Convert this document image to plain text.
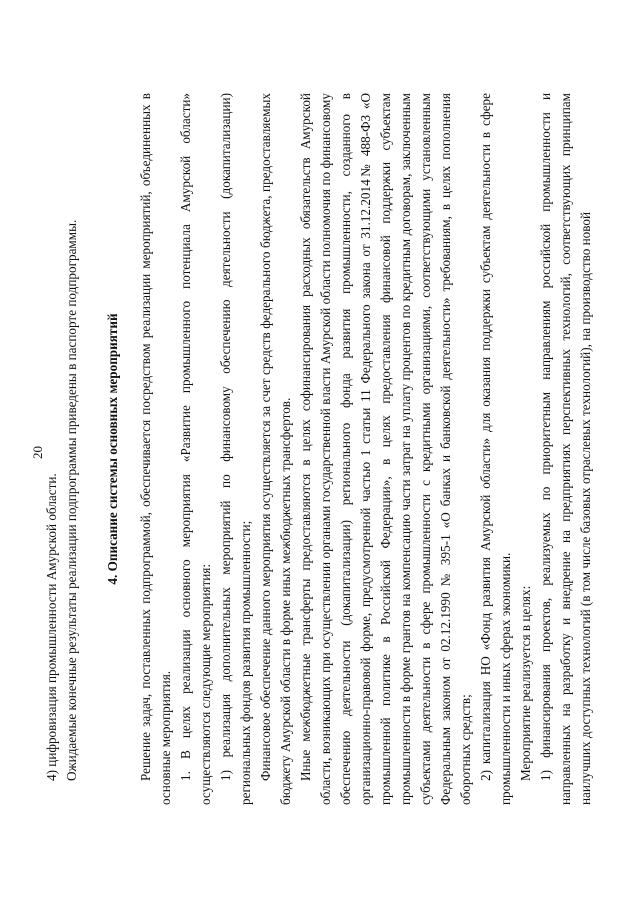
20

4) цифровизация промышленности Амурской области. Ожидаемые конечные результаты реализации подпрограммы приведены в паспорте подпрограммы. 4. Описание системы основных мероприятий Решение задач, поставленных подпрограммой, обеспечивается посредством реализации мероприятий, объединенных в основные мероприятия. 1. В целях реализации основного мероприятия «Развитие промышленного потенциала Амурской области» осуществляются следующие мероприятия: 1) реализация дополнительных мероприятий по финансовому обеспечению деятельности (докапитализации) региональных фондов развития промышленности; Финансовое обеспечение данного мероприятия осуществляется за счет средств федерального бюджета, предоставляемых бюджету Амурской области в форме иных межбюджетных трансфертов. Иные межбюджетные трансферты предоставляются в целях софинансирования расходных обязательств Амурской области, возникающих при осуществлении органами государственной власти Амурской области полномочия по финансовому обеспечению деятельности (докапитализации) регионального фонда развития промышленности, созданного в организационно-правовой форме, предусмотренной частью 1 статьи 11 Федерального закона от 31.12.2014№ 488-ФЗ «О промышленной политике в Российской Федерации», в целях предоставления финансовой поддержки субъектам промышленности в форме грантов на компенсацию части затрат на уплату процентов по кредитным договорам, заключенным субъектами деятельности в сфере промышленности с кредитными организациями, соответствующими установленным Федеральным законом от 02.12.1990 № 395-1 «О банках и банковской деятельности» требованиям, в целях пополнения оборотных средств; 2) капитализация НО «Фонд развития Амурской области» для оказания поддержки субъектам деятельности в сфере промышленности и иных сферах экономики. Мероприятие реализуется в целях: 1) финансирования проектов, реализуемых по приоритетным направлениям российской промышленности и направленных на разработку и внедрение на предприятиях перспективных технологий, соответствующих принципам наилучших доступных технологий (в том числе базовых отраслевых технологий), на производство новой
